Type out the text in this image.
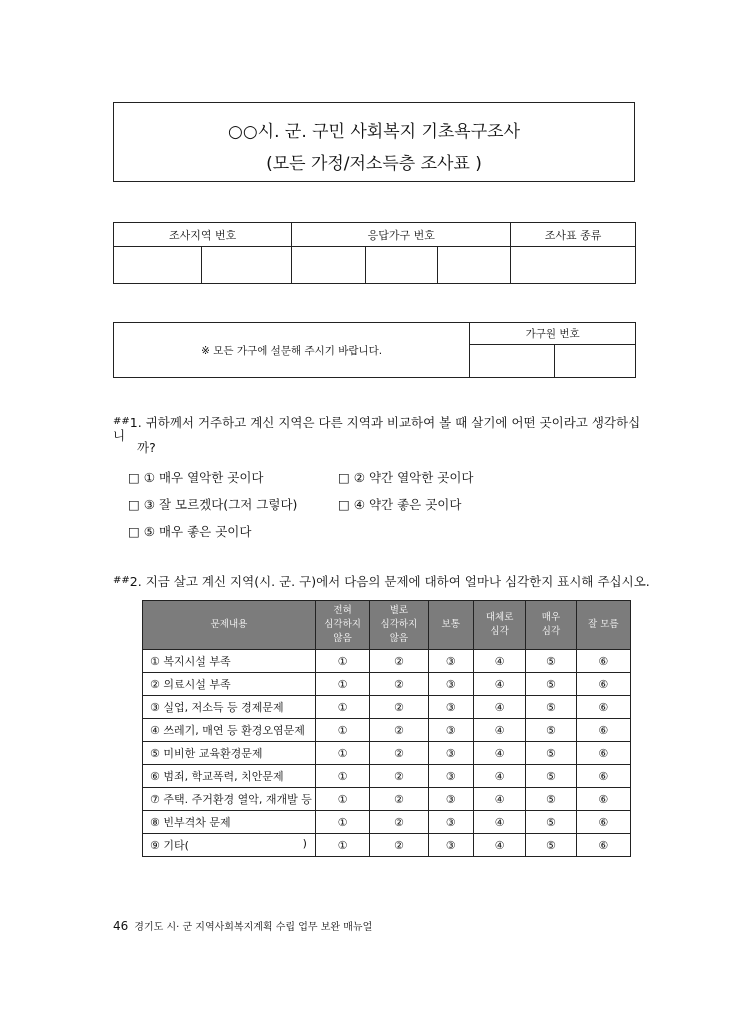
○○시. 군. 구민 사회복지 기초욕구조사
(모든 가정/저소득층 조사표 )
조사지역 번호		응답가구 번호			조사표 종류

※ 모든 가구에 설문해 주시기 바랍니다.	가구원 번호	

##1. 귀하께서 거주하고 계신 지역은 다른 지역과 비교하여 볼 때 살기에 어떤 곳이라고 생각하십니
까?
□ ① 매우 열악한 곳이다	□ ② 약간 열악한 곳이다
□ ③ 잘 모르겠다(그저 그렇다)	□ ④ 약간 좋은 곳이다
□ ⑤ 매우 좋은 곳이다
##2. 지금 살고 계신 지역(시. 군. 구)에서 다음의 문제에 대하여 얼마나 심각한지 표시해 주십시오.
문제내용	전혀
심각하지
않음	별로
심각하지
않음	보통	대체로
심각	매우
심각	잘 모름
① 복지시설 부족	①	②	③	④	⑤	⑥
② 의료시설 부족	①	②	③	④	⑤	⑥
③ 실업, 저소득 등 경제문제	①	②	③	④	⑤	⑥
④ 쓰레기, 매연 등 환경오염문제	①	②	③	④	⑤	⑥
⑤ 미비한 교육환경문제	①	②	③	④	⑤	⑥
⑥ 범죄, 학교폭력, 치안문제	①	②	③	④	⑤	⑥
⑦ 주택. 주거환경 열악, 재개발 등	①	②	③	④	⑤	⑥
⑧ 빈부격차 문제	①	②	③	④	⑤	⑥
⑨ 기타( )	①	②	③	④	⑤	⑥
46 경기도 시· 군 지역사회복지계획 수립 업무 보완 매뉴얼
